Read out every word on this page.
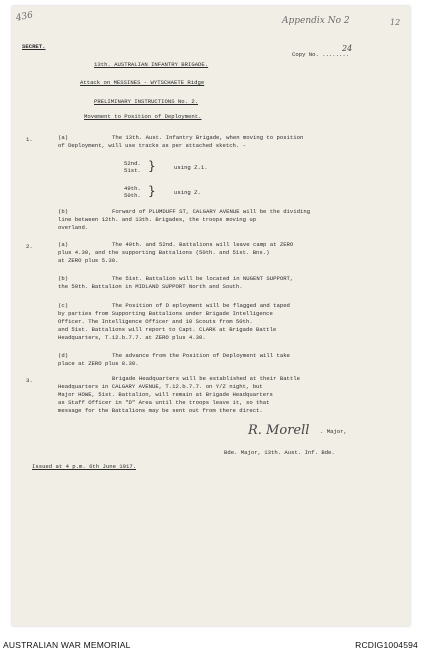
436	Appendix No 2	12
SECRET.
Copy No. ........
24
13th. AUSTRALIAN INFANTRY BRIGADE.
Attack on MESSINES - WYTSCHAETE Ridge
PRELIMINARY INSTRUCTIONS No. 2.
Movement to Position of Deployment.
1.	(a)	The 13th. Aust. Infantry Brigade, when moving to position
of Deployment, will use tracks as per attached sketch. -
52nd.
51st. }	using Z.1.
49th.
50th. }	using Z.
(b)	Forward of PLUMDUFF ST, CALGARY AVENUE will be the dividing
line between 12th. and 13th. Brigades, the troops moving up
overland.
2.	(a)	The 49th. and 52nd. Battalions will leave camp at ZERO
plus 4.30, and the supporting Battalions (50th. and 51st. Bns.)
at ZERO plus 5.30.
(b)	The 51st. Battalion will be located in NUGENT SUPPORT,
the 50th. Battalion in MIDLAND SUPPORT North and South.
(c)	The Position of D eployment will be flagged and taped
by parties from Supporting Battalions under Brigade Intelligence
Officer. The Intelligence Officer and 10 Scouts from 50th.
and 51st. Battalions will report to Capt. CLARK at Brigade Battle
Headquarters, T.12.b.7.7. at ZERO plus 4.30.
(d)	The advance from the Position of Deployment will take
place at ZERO plus 8.30.
3.	Brigade Headquarters will be established at their Battle
Headquarters in CALGARY AVENUE, T.12.b.7.7. on Y/Z night, but
Major HOWE, 51st. Battalion, will remain at Brigade Headquarters
as Staff Officer in "D" Area until the troops leave it, so that
message for the Battalions may be sent out from there direct.
R. Morell . Major,
Bde. Major, 13th. Aust. Inf. Bde.
Issued at 4 p.m. 6th June 1917.
AUSTRALIAN WAR MEMORIAL	RCDIG1004594
